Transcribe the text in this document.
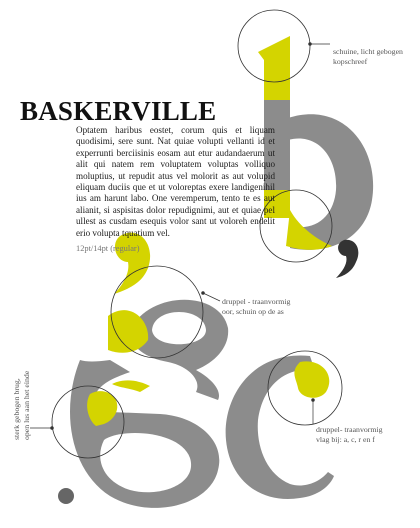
BASKERVILLE
Optatem haribus eostet, corum quis et liquam quodisimi, sere sunt. Nat quiae volupti vellanti id et experrunti berciisinis eosam aut etur audandaerum ut alit qui natem rem voluptatem voluptas volliquo moluptius, ut repudit atus vel molorit as aut volupid eliquam duciis que et ut voloreptas exere landigenihil ius am harunt labo. One veremperum, tento te es aut alianit, si aspisitas dolor repudignimi, aut et quiae pel ullest as cusdam esequis volor sant ut voloreh endelit erio volupta tquatium vel.
12pt/14pt (regular)
schuine, licht gebogen
kopschreef
druppel - traanvormig
oor, schuin op de as
druppel- traanvormig
vlag bij: a, c, r en f
sterk gebogen brug, open lus aan het einde
